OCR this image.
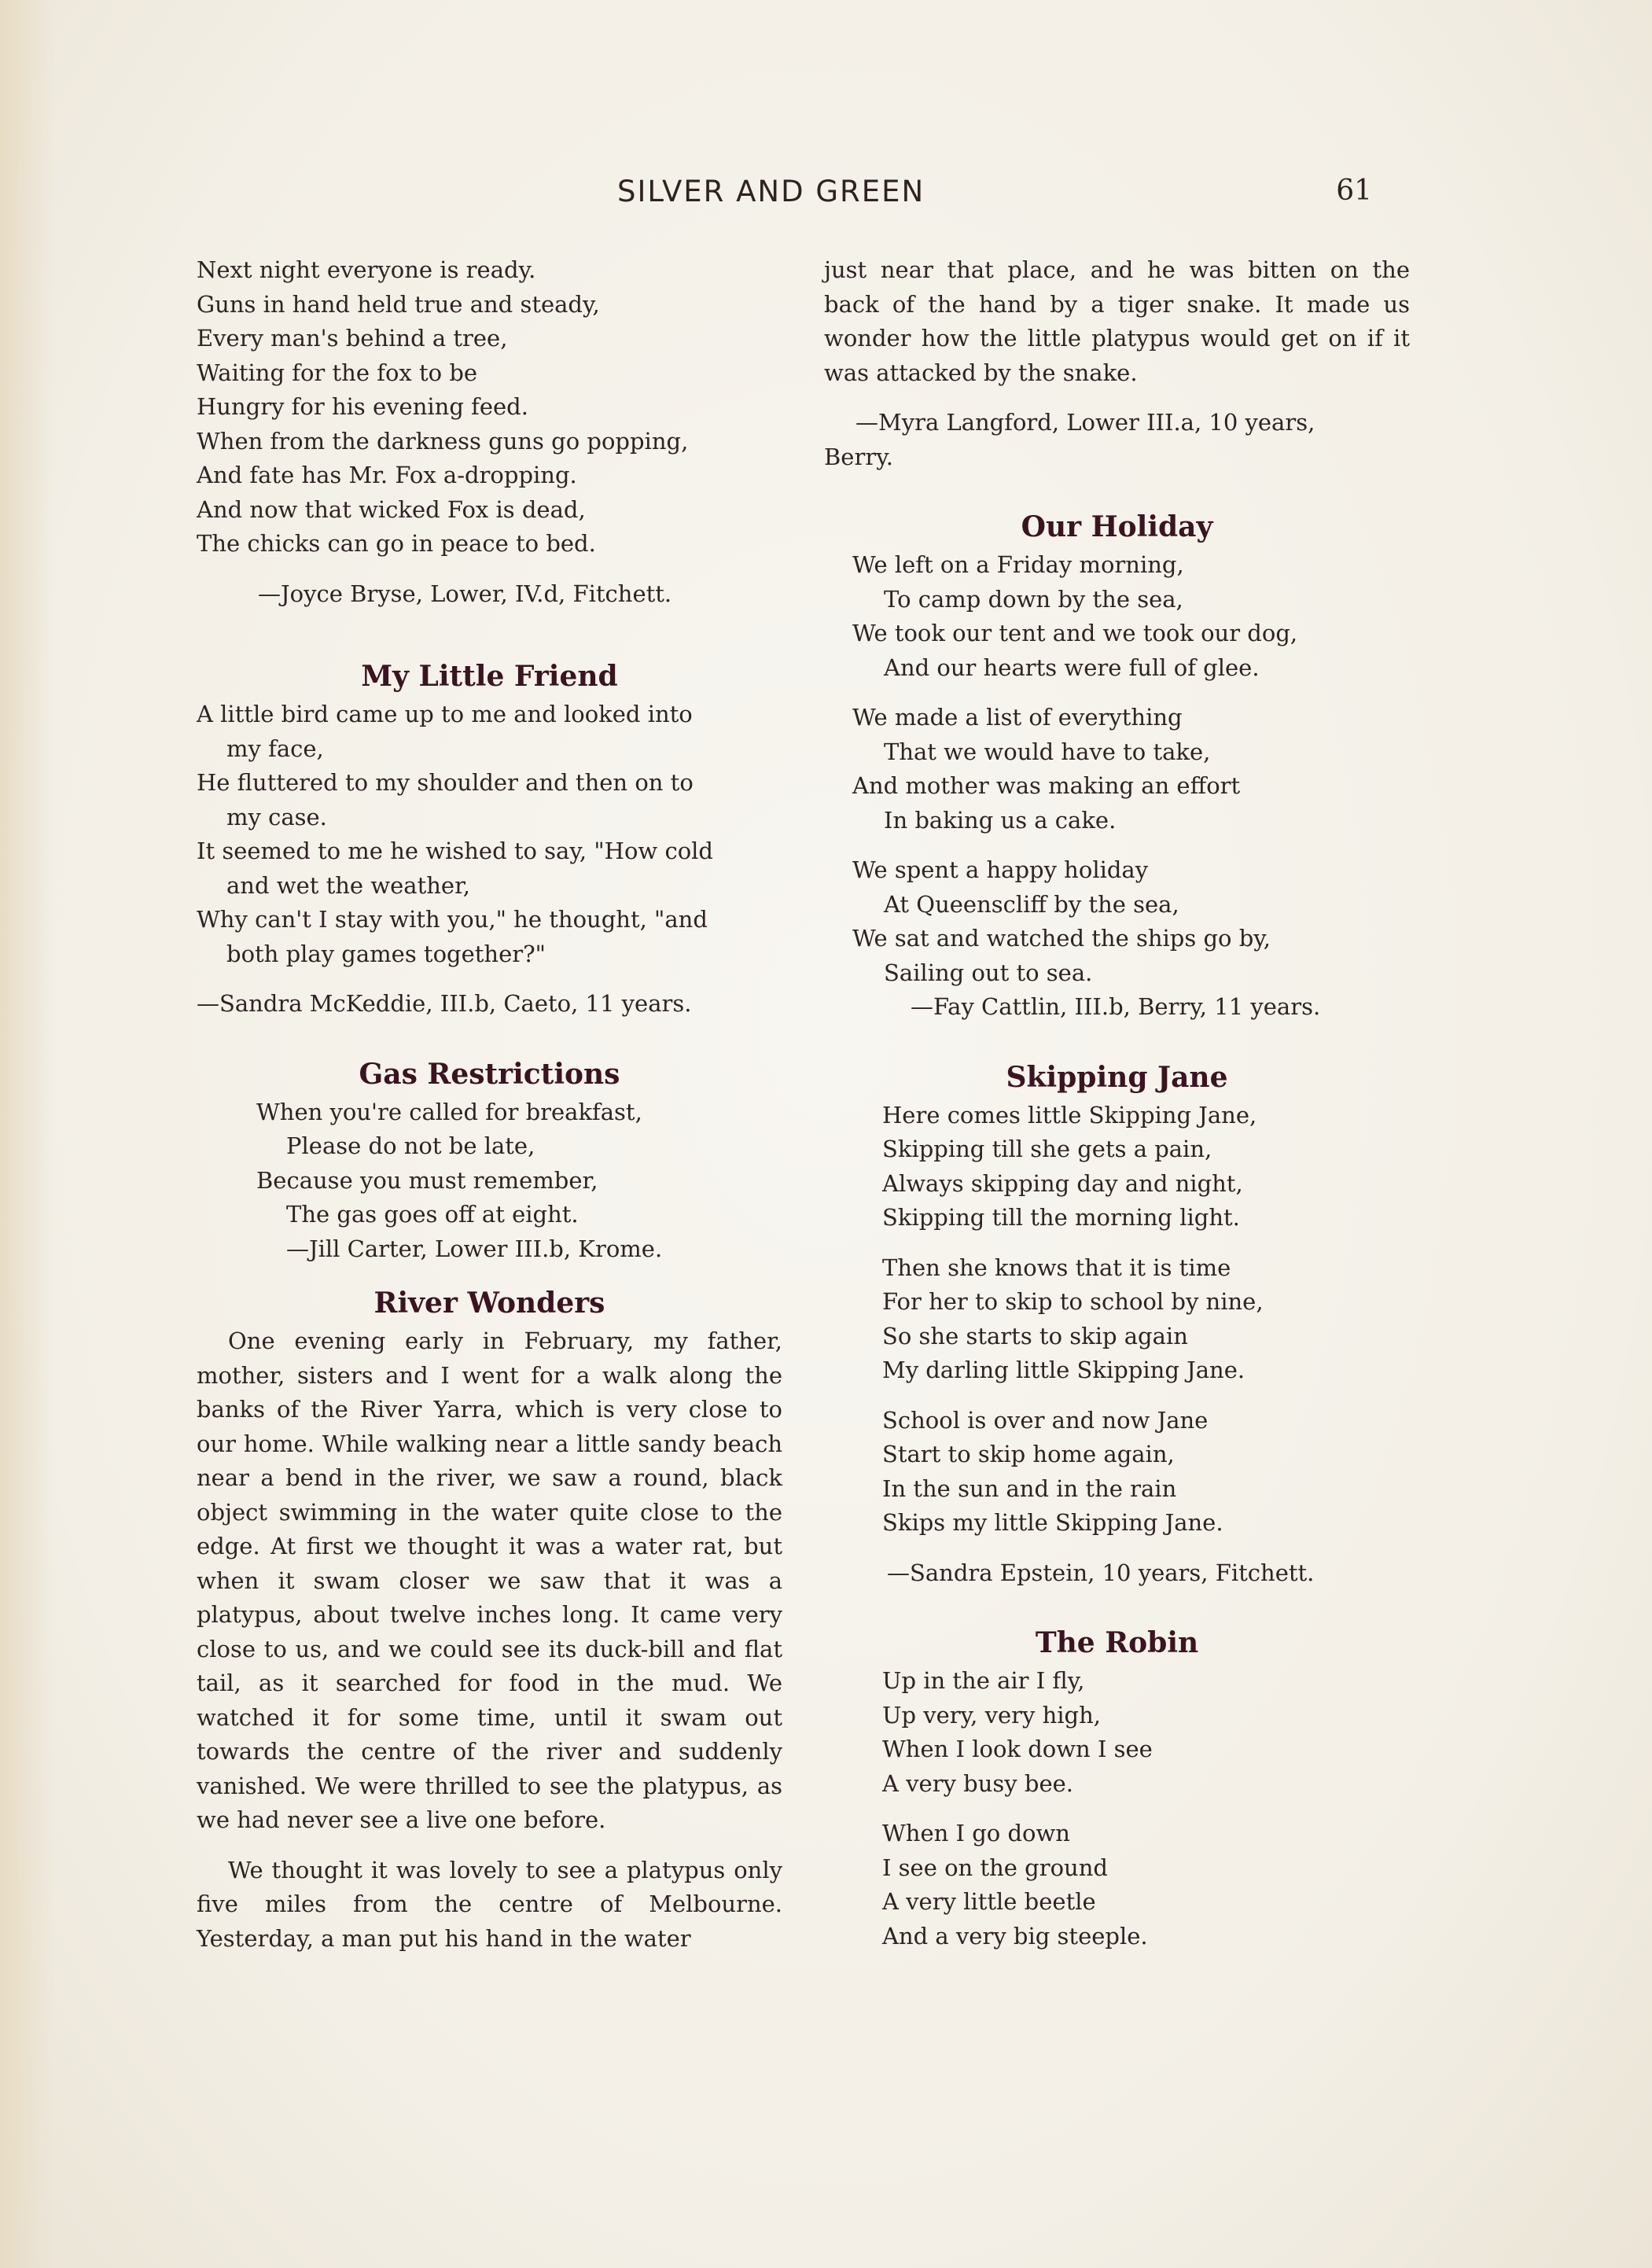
SILVER AND GREEN	61
Next night everyone is ready.
Guns in hand held true and steady,
Every man's behind a tree,
Waiting for the fox to be
Hungry for his evening feed.
When from the darkness guns go popping,
And fate has Mr. Fox a-dropping.
And now that wicked Fox is dead,
The chicks can go in peace to bed.
—Joyce Bryse, Lower, IV.d, Fitchett.
My Little Friend
A little bird came up to me and looked into
my face,
He fluttered to my shoulder and then on to
my case.
It seemed to me he wished to say, "How cold
and wet the weather,
Why can't I stay with you," he thought, "and
both play games together?"
—Sandra McKeddie, III.b, Caeto, 11 years.
Gas Restrictions
When you're called for breakfast,
Please do not be late,
Because you must remember,
The gas goes off at eight.
—Jill Carter, Lower III.b, Krome.
River Wonders

One evening early in February, my father, mother, sisters and I went for a walk along the banks of the River Yarra, which is very close to our home. While walking near a little sandy beach near a bend in the river, we saw a round, black object swimming in the water quite close to the edge. At first we thought it was a water rat, but when it swam closer we saw that it was a platypus, about twelve inches long. It came very close to us, and we could see its duck-bill and flat tail, as it searched for food in the mud. We watched it for some time, until it swam out towards the centre of the river and suddenly vanished. We were thrilled to see the platypus, as we had never see a live one before.

We thought it was lovely to see a platypus only five miles from the centre of Melbourne. Yesterday, a man put his hand in the water

just near that place, and he was bitten on the back of the hand by a tiger snake. It made us wonder how the little platypus would get on if it was attacked by the snake.
—Myra Langford, Lower III.a, 10 years,
Berry.
Our Holiday
We left on a Friday morning,
To camp down by the sea,
We took our tent and we took our dog,
And our hearts were full of glee.
We made a list of everything
That we would have to take,
And mother was making an effort
In baking us a cake.
We spent a happy holiday
At Queenscliff by the sea,
We sat and watched the ships go by,
Sailing out to sea.
—Fay Cattlin, III.b, Berry, 11 years.
Skipping Jane
Here comes little Skipping Jane,
Skipping till she gets a pain,
Always skipping day and night,
Skipping till the morning light.
Then she knows that it is time
For her to skip to school by nine,
So she starts to skip again
My darling little Skipping Jane.
School is over and now Jane
Start to skip home again,
In the sun and in the rain
Skips my little Skipping Jane.
—Sandra Epstein, 10 years, Fitchett.
The Robin
Up in the air I fly,
Up very, very high,
When I look down I see
A very busy bee.
When I go down
I see on the ground
A very little beetle
And a very big steeple.
